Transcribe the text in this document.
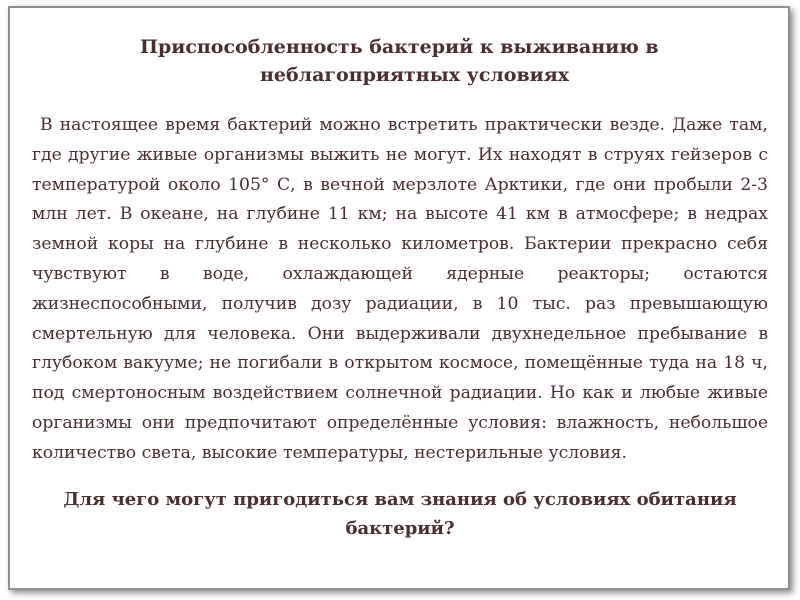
Приспособленность бактерий к выживанию в
неблагоприятных условиях
В настоящее время бактерий можно встретить практически везде. Даже там, где другие живые организмы выжить не могут. Их находят в струях гейзеров с температурой около 105° С, в вечной мерзлоте Арктики, где они пробыли 2-3 млн лет. В океане, на глубине 11 км; на высоте 41 км в атмосфере; в недрах земной коры на глубине в несколько километров. Бактерии прекрасно себя чувствуют в воде, охлаждающей ядерные реакторы; остаются жизнеспособными, получив дозу радиации, в 10 тыс. раз превышающую смертельную для человека. Они выдерживали двухнедельное пребывание в глубоком вакууме; не погибали в открытом космосе, помещённые туда на 18 ч, под смертоносным воздействием солнечной радиации. Но как и любые живые организмы они предпочитают определённые условия: влажность, небольшое количество света, высокие температуры, нестерильные условия.
Для чего могут пригодиться вам знания об условиях обитания бактерий?
